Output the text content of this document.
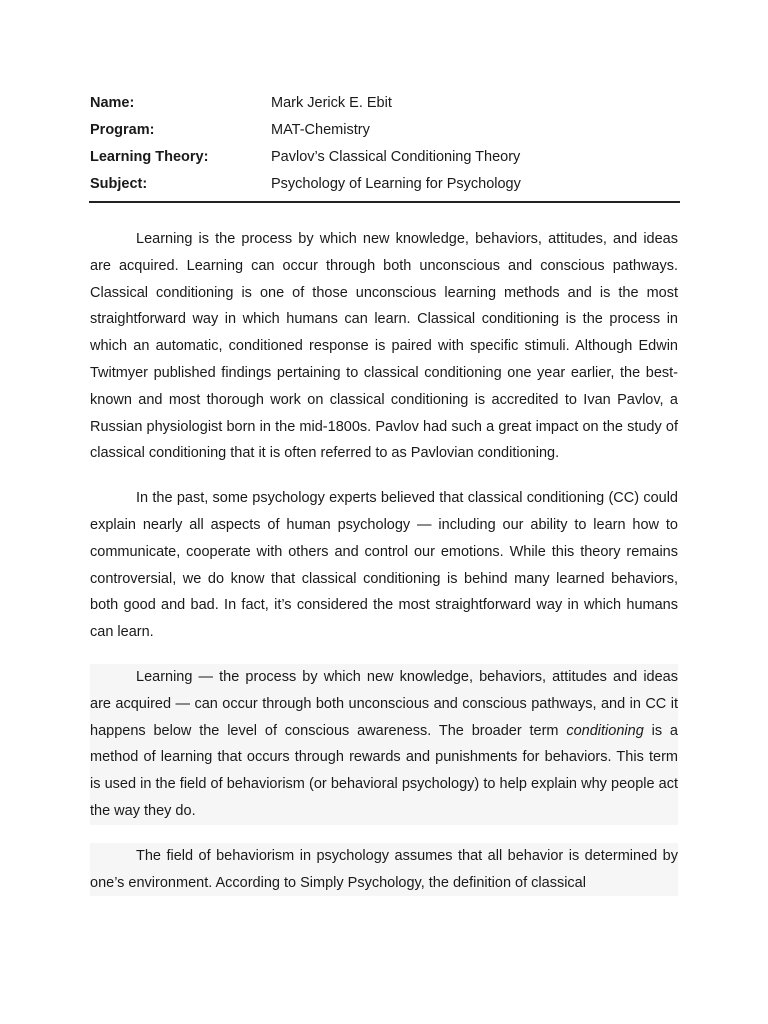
Name:	Mark Jerick E. Ebit
Program:	MAT-Chemistry
Learning Theory:	Pavlov’s Classical Conditioning Theory
Subject:	Psychology of Learning for Psychology

Learning is the process by which new knowledge, behaviors, attitudes, and ideas are acquired. Learning can occur through both unconscious and conscious pathways. Classical conditioning is one of those unconscious learning methods and is the most straightforward way in which humans can learn. Classical conditioning is the process in which an automatic, conditioned response is paired with specific stimuli. Although Edwin Twitmyer published findings pertaining to classical conditioning one year earlier, the best-known and most thorough work on classical conditioning is accredited to Ivan Pavlov, a Russian physiologist born in the mid-1800s. Pavlov had such a great impact on the study of classical conditioning that it is often referred to as Pavlovian conditioning.

In the past, some psychology experts believed that classical conditioning (CC) could explain nearly all aspects of human psychology — including our ability to learn how to communicate, cooperate with others and control our emotions. While this theory remains controversial, we do know that classical conditioning is behind many learned behaviors, both good and bad. In fact, it’s considered the most straightforward way in which humans can learn.

Learning — the process by which new knowledge, behaviors, attitudes and ideas are acquired — can occur through both unconscious and conscious pathways, and in CC it happens below the level of conscious awareness. The broader term conditioning is a method of learning that occurs through rewards and punishments for behaviors. This term is used in the field of behaviorism (or behavioral psychology) to help explain why people act the way they do.

The field of behaviorism in psychology assumes that all behavior is determined by one’s environment. According to Simply Psychology, the definition of classical
